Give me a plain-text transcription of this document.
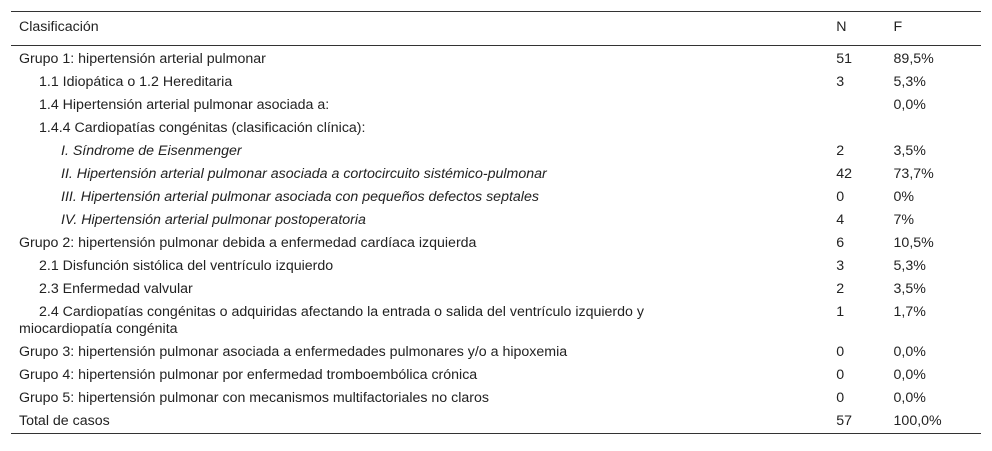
Clasificación	N	F
Grupo 1: hipertensión arterial pulmonar	51	89,5%
1.1 Idiopática o 1.2 Hereditaria	3	5,3%
1.4 Hipertensión arterial pulmonar asociada a:		0,0%
1.4.4 Cardiopatías congénitas (clasificación clínica):		
I. Síndrome de Eisenmenger	2	3,5%
II. Hipertensión arterial pulmonar asociada a cortocircuito sistémico-pulmonar	42	73,7%
III. Hipertensión arterial pulmonar asociada con pequeños defectos septales	0	0%
IV. Hipertensión arterial pulmonar postoperatoria	4	7%
Grupo 2: hipertensión pulmonar debida a enfermedad cardíaca izquierda	6	10,5%
2.1 Disfunción sistólica del ventrículo izquierdo	3	5,3%
2.3 Enfermedad valvular	2	3,5%

2.4 Cardiopatías congénitas o adquiridas afectando la entrada o salida del ventrículo izquierdo y
miocardiopatía congénita	1	1,7%
Grupo 3: hipertensión pulmonar asociada a enfermedades pulmonares y/o a hipoxemia	0	0,0%
Grupo 4: hipertensión pulmonar por enfermedad tromboembólica crónica	0	0,0%
Grupo 5: hipertensión pulmonar con mecanismos multifactoriales no claros	0	0,0%
Total de casos	57	100,0%
